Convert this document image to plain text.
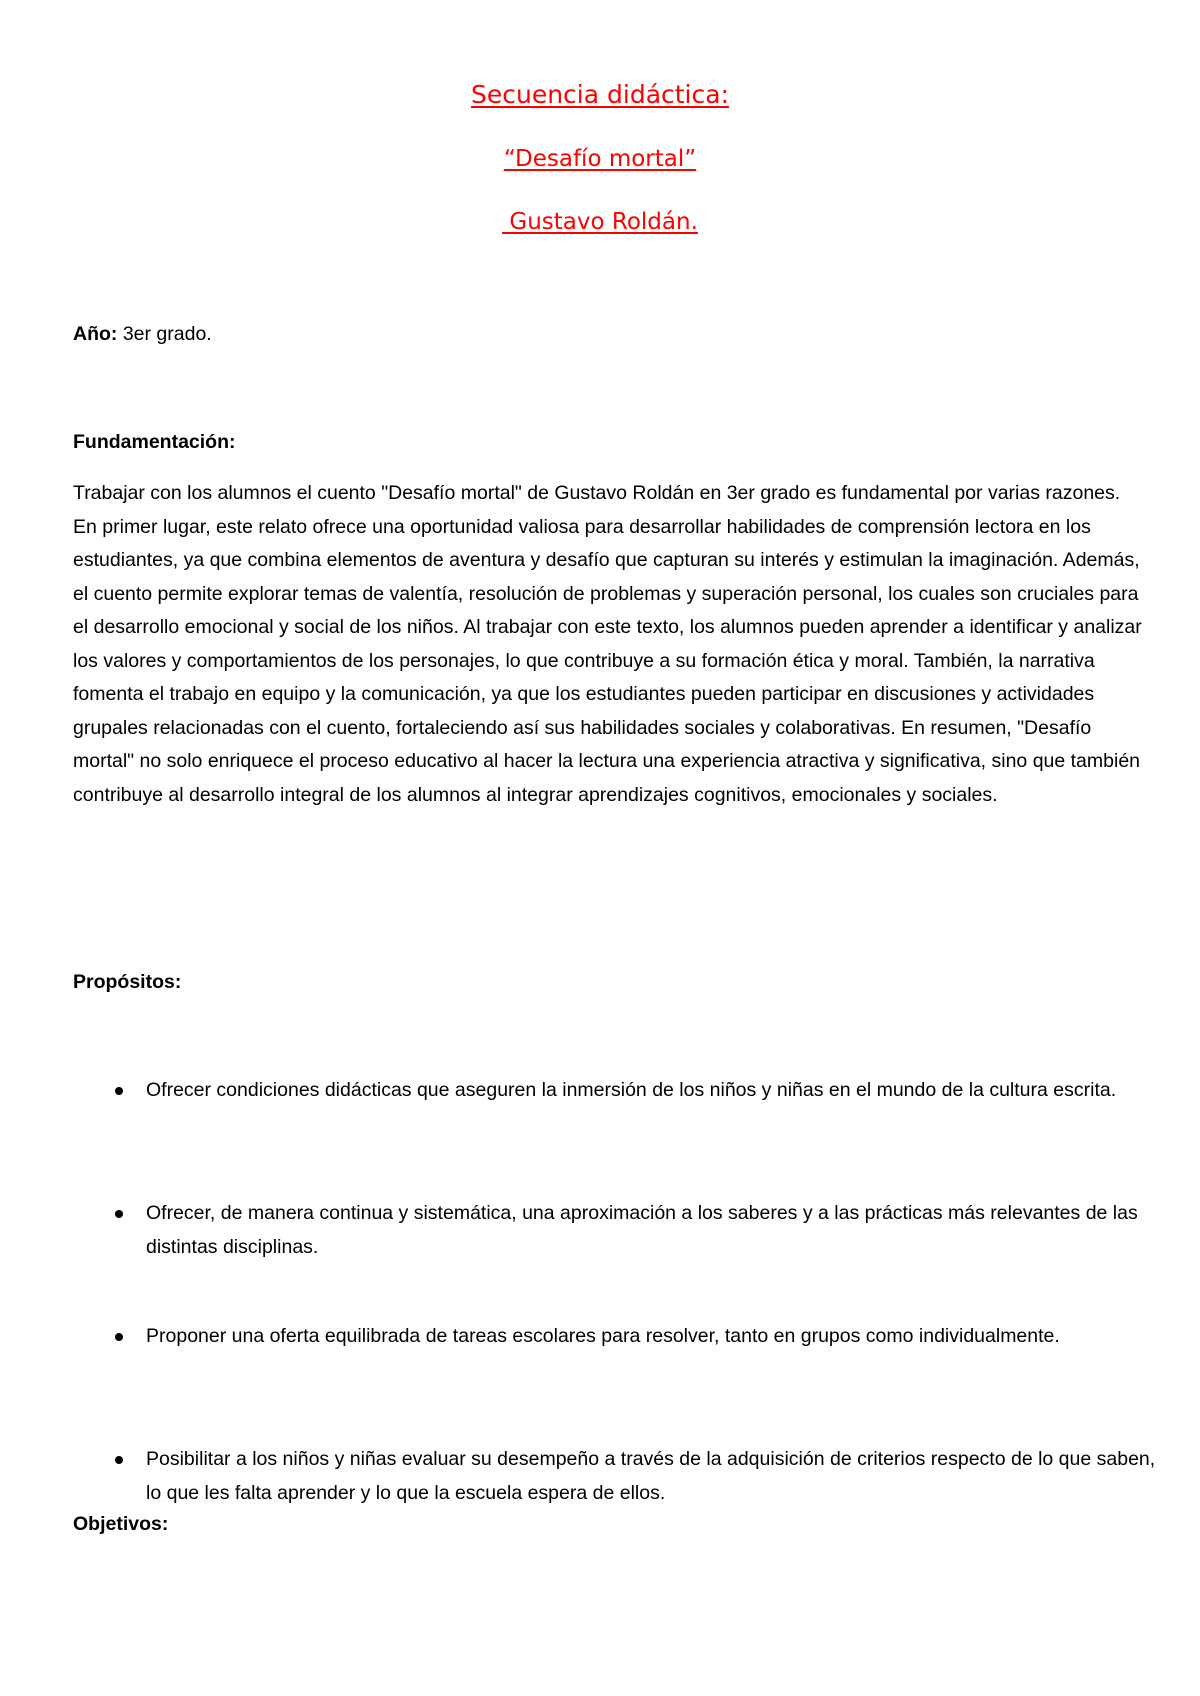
Secuencia didáctica:
“Desafío mortal”
Gustavo Roldán.
Año: 3er grado.
Fundamentación:
Trabajar con los alumnos el cuento "Desafío mortal" de Gustavo Roldán en 3er grado es fundamental por varias razones. En primer lugar, este relato ofrece una oportunidad valiosa para desarrollar habilidades de comprensión lectora en los estudiantes, ya que combina elementos de aventura y desafío que capturan su interés y estimulan la imaginación. Además, el cuento permite explorar temas de valentía, resolución de problemas y superación personal, los cuales son cruciales para el desarrollo emocional y social de los niños. Al trabajar con este texto, los alumnos pueden aprender a identificar y analizar los valores y comportamientos de los personajes, lo que contribuye a su formación ética y moral. También, la narrativa fomenta el trabajo en equipo y la comunicación, ya que los estudiantes pueden participar en discusiones y actividades grupales relacionadas con el cuento, fortaleciendo así sus habilidades sociales y colaborativas. En resumen, "Desafío mortal" no solo enriquece el proceso educativo al hacer la lectura una experiencia atractiva y significativa, sino que también contribuye al desarrollo integral de los alumnos al integrar aprendizajes cognitivos, emocionales y sociales.
Propósitos:
Ofrecer condiciones didácticas que aseguren la inmersión de los niños y niñas en el mundo de la cultura escrita.
Ofrecer, de manera continua y sistemática, una aproximación a los saberes y a las prácticas más relevantes de las distintas disciplinas.
Proponer una oferta equilibrada de tareas escolares para resolver, tanto en grupos como individualmente.
Posibilitar a los niños y niñas evaluar su desempeño a través de la adquisición de criterios respecto de lo que saben, lo que les falta aprender y lo que la escuela espera de ellos.
Objetivos:
